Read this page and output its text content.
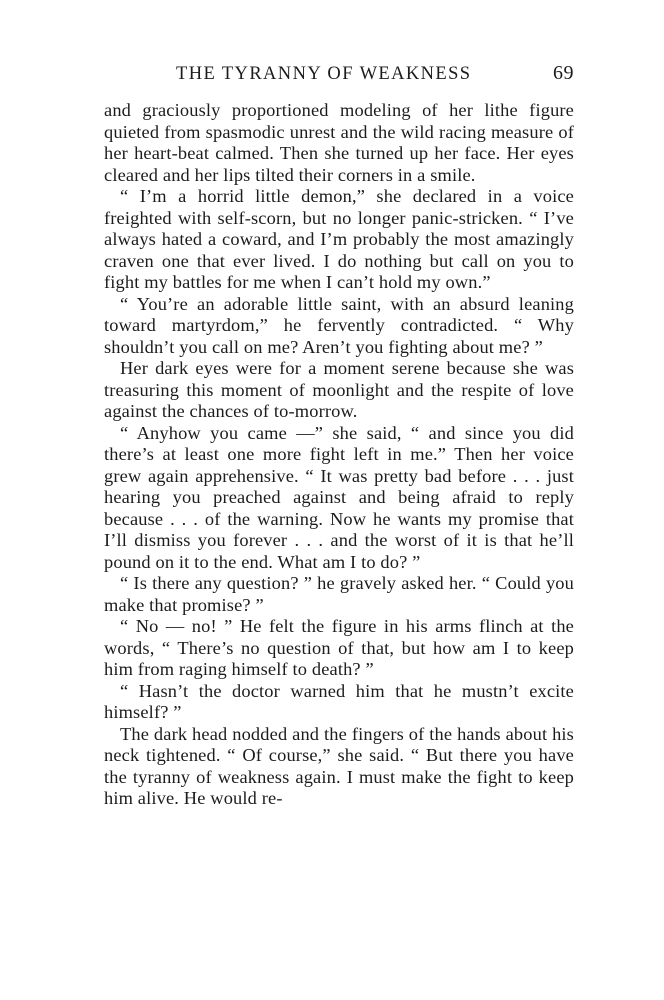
THE TYRANNY OF WEAKNESS	69

and graciously proportioned modeling of her lithe figure quieted from spasmodic unrest and the wild racing measure of her heart-beat calmed. Then she turned up her face. Her eyes cleared and her lips tilted their corners in a smile.

“ I’m a horrid little demon,” she declared in a voice freighted with self-scorn, but no longer panic-stricken. “ I’ve always hated a coward, and I’m probably the most amazingly craven one that ever lived. I do nothing but call on you to fight my battles for me when I can’t hold my own.”

“ You’re an adorable little saint, with an absurd leaning toward martyrdom,” he fervently contradicted. “ Why shouldn’t you call on me? Aren’t you fighting about me? ”

Her dark eyes were for a moment serene because she was treasuring this moment of moonlight and the respite of love against the chances of to-morrow.

“ Anyhow you came —” she said, “ and since you did there’s at least one more fight left in me.” Then her voice grew again apprehensive. “ It was pretty bad before . . . just hearing you preached against and being afraid to reply because . . . of the warning. Now he wants my promise that I’ll dismiss you forever . . . and the worst of it is that he’ll pound on it to the end. What am I to do? ”

“ Is there any question? ” he gravely asked her. “ Could you make that promise? ”

“ No — no! ” He felt the figure in his arms flinch at the words, “ There’s no question of that, but how am I to keep him from raging himself to death? ”

“ Hasn’t the doctor warned him that he mustn’t excite himself? ”

The dark head nodded and the fingers of the hands about his neck tightened. “ Of course,” she said. “ But there you have the tyranny of weakness again. I must make the fight to keep him alive. He would re-
